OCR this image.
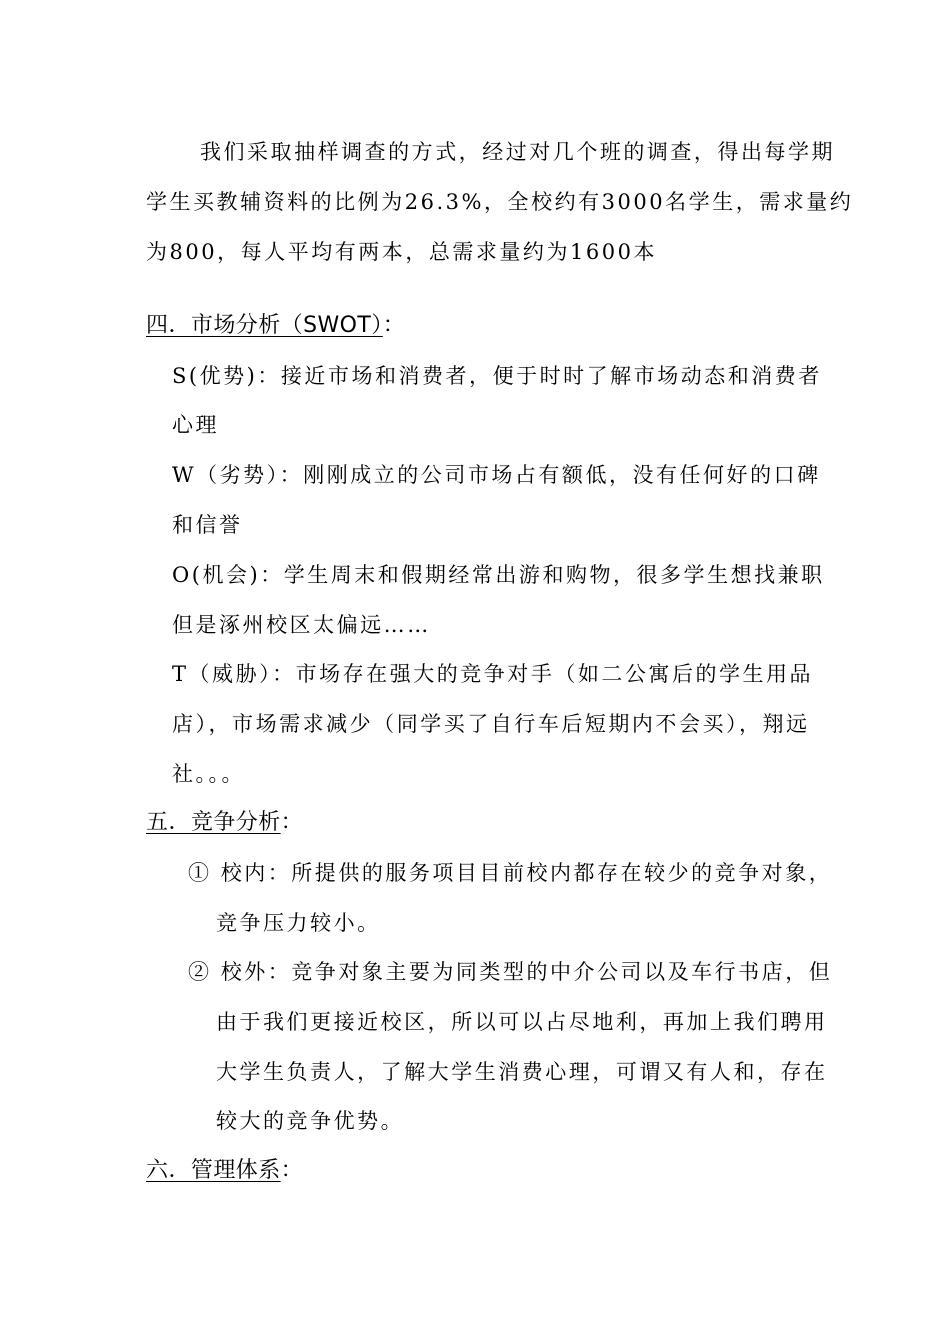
我们采取抽样调查的方式，经过对几个班的调查，得出每学期
学生买教辅资料的比例为26.3%，全校约有3000名学生，需求量约
为800，每人平均有两本，总需求量约为1600本
四．市场分析（SWOT）：
S(优势)：接近市场和消费者，便于时时了解市场动态和消费者
心理
W（劣势）：刚刚成立的公司市场占有额低，没有任何好的口碑
和信誉
O(机会)：学生周末和假期经常出游和购物，很多学生想找兼职
但是涿州校区太偏远……
T（威胁）：市场存在强大的竞争对手（如二公寓后的学生用品
店），市场需求减少（同学买了自行车后短期内不会买），翔远
社。。。
五．竞争分析：
① 校内：所提供的服务项目目前校内都存在较少的竞争对象，
竞争压力较小。
② 校外：竞争对象主要为同类型的中介公司以及车行书店，但
由于我们更接近校区，所以可以占尽地利，再加上我们聘用
大学生负责人，了解大学生消费心理，可谓又有人和，存在
较大的竞争优势。
六．管理体系：
